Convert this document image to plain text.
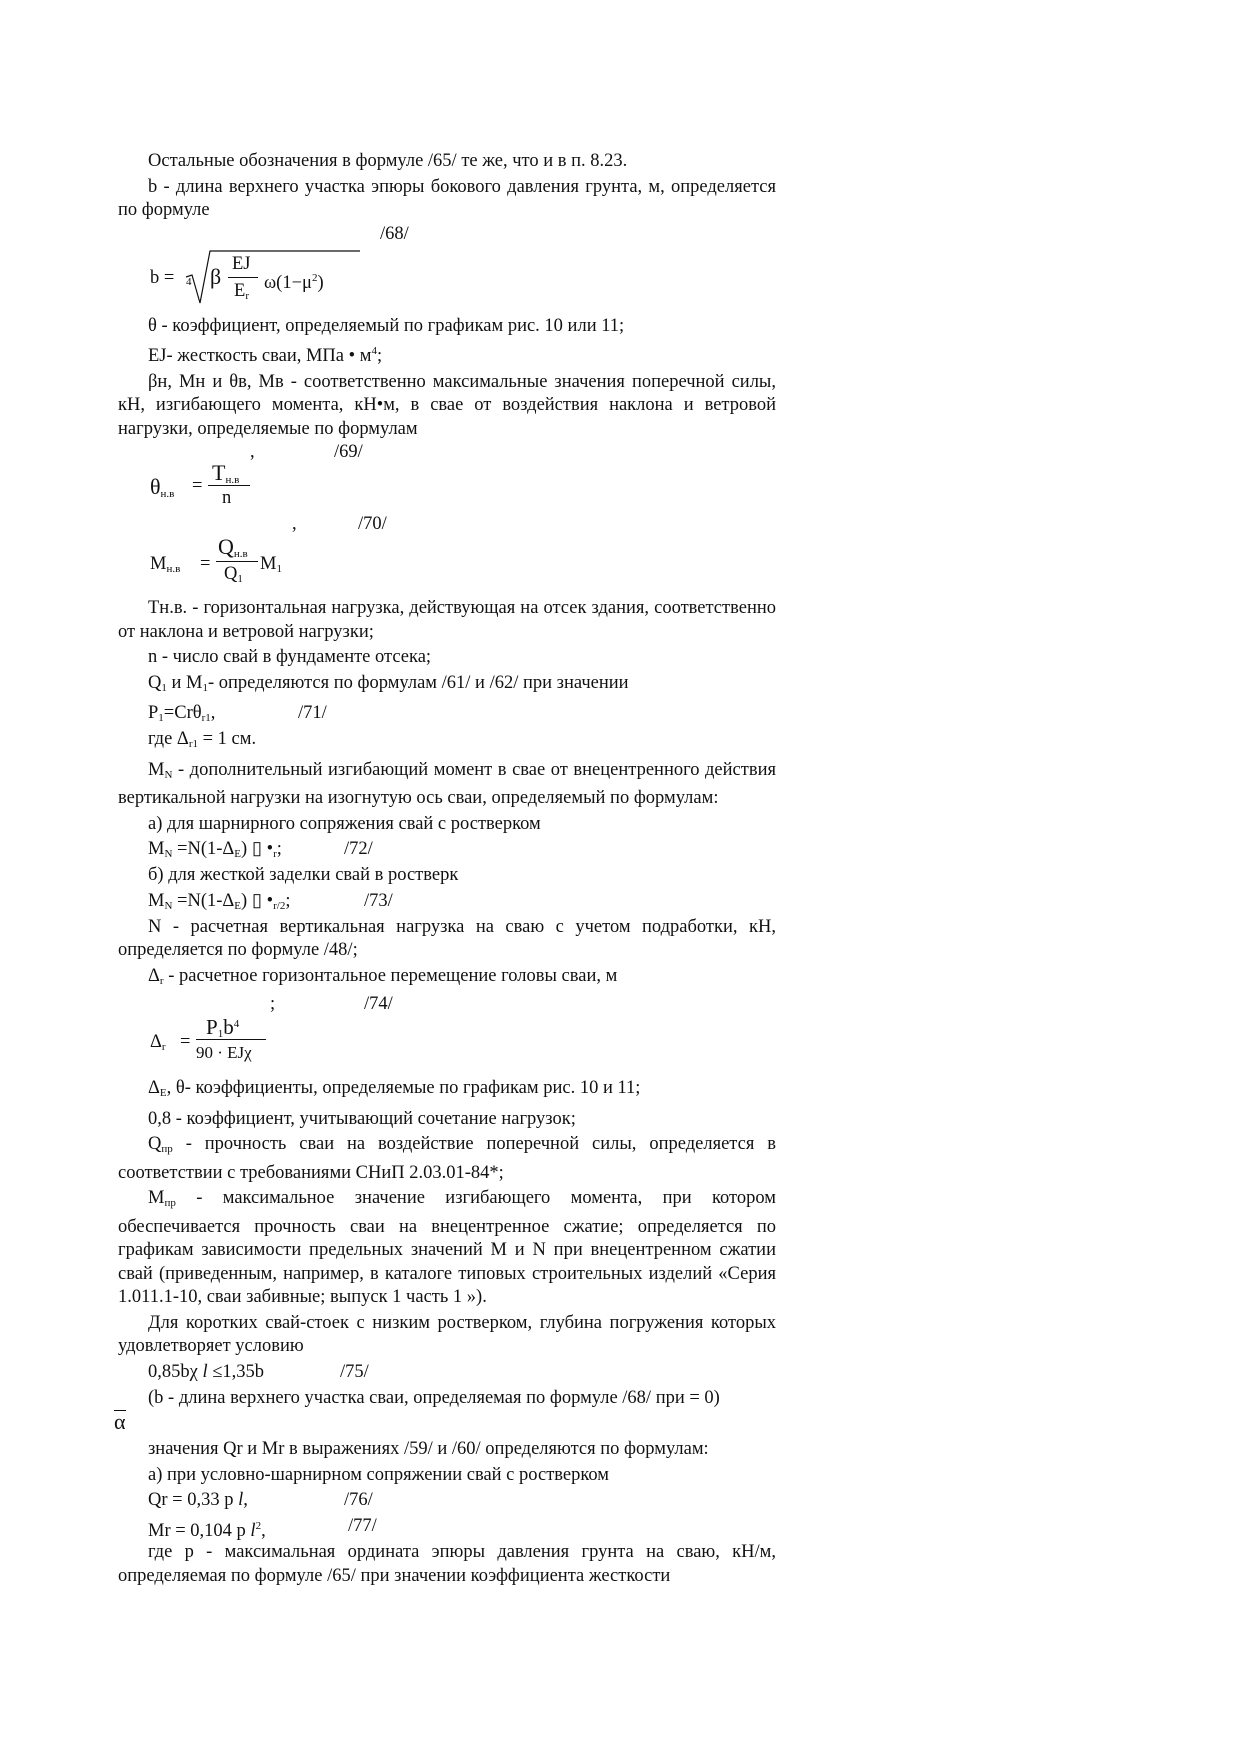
Остальные обозначения в формуле /65/ те же, что и в п. 8.23.
b - длина верхнего участка эпюры бокового давления грунта, м, определяется по формуле
/68/
b = 4 β EJ
$E_r$
$\omega(1-\mu^2)$
θ - коэффициент, определяемый по графикам рис. 10 или 11;
EJ- жесткость сваи, МПа • $м^4$;
βн, Мн и θв, Мв - соответственно максимальные значения поперечной силы, кН, изгибающего момента, кН•м, в свае от воздействия наклона и ветровой нагрузки, определяемые по формулам
,	/69/
$\theta_{н.в}$ =
$T_{н.в}$
n
,	/70/
$M_{н.в}$ =
$Q_{н.в}$
$Q_1$
$M_1$
Тн.в. - горизонтальная нагрузка, действующая на отсек здания, соответственно от наклона и ветровой нагрузки;
n - число свай в фундаменте отсека;
$Q_1$ и $M_1-$ определяются по формулам /61/ и /62/ при значении
$P_1=Cr\theta_{r1}$,	/71/
где $\Delta_{r1} = 1$ см.
$M_N$ - дополнительный изгибающий момент в свае от внецентренного действия вертикальной нагрузки на изогнутую ось сваи, определяемый по формулам:
а) для шарнирного сопряжения свай с ростверком
$M_N =N(1-\Delta_E)$ ▯ $•_r$;	/72/
б) для жесткой заделки свай в ростверк
$M_N =N(1-\Delta_E)$ ▯ $•_{r/2}$;	/73/
N - расчетная вертикальная нагрузка на сваю с учетом подработки, кН, определяется по формуле /48/;
$\Delta_r$ - расчетное горизонтальное перемещение головы сваи, м
;	/74/
$\Delta_r$ =
$P_1b^4$
90 · EJχ
$\Delta_E$, θ- коэффициенты, определяемые по графикам рис. 10 и 11;
0,8 - коэффициент, учитывающий сочетание нагрузок;
$Q_{пр}$ - прочность сваи на воздействие поперечной силы, определяется в соответствии с требованиями СНиП 2.03.01-84*;
$M_{пр}$ - максимальное значение изгибающего момента, при котором обеспечивается прочность сваи на внецентренное сжатие; определяется по графикам зависимости предельных значений M и N при внецентренном сжатии свай (приведенным, например, в каталоге типовых строительных изделий «Серия 1.011.1-10, сваи забивные; выпуск 1 часть 1 »).
Для коротких свай-стоек с низким ростверком, глубина погружения которых удовлетворяет условию
0,85bχ l ≤1,35b	/75/
(b - длина верхнего участка сваи, определяемая по формуле /68/ при = 0)
α
значения Qr и Mr в выражениях /59/ и /60/ определяются по формулам:
а) при условно-шарнирном сопряжении свай с ростверком
Qr = 0,33 p l,	/76/
Mr = 0,104 p $l^2$,	/77/
где p - максимальная ордината эпюры давления грунта на сваю, кН/м, определяемая по формуле /65/ при значении коэффициента жесткости
